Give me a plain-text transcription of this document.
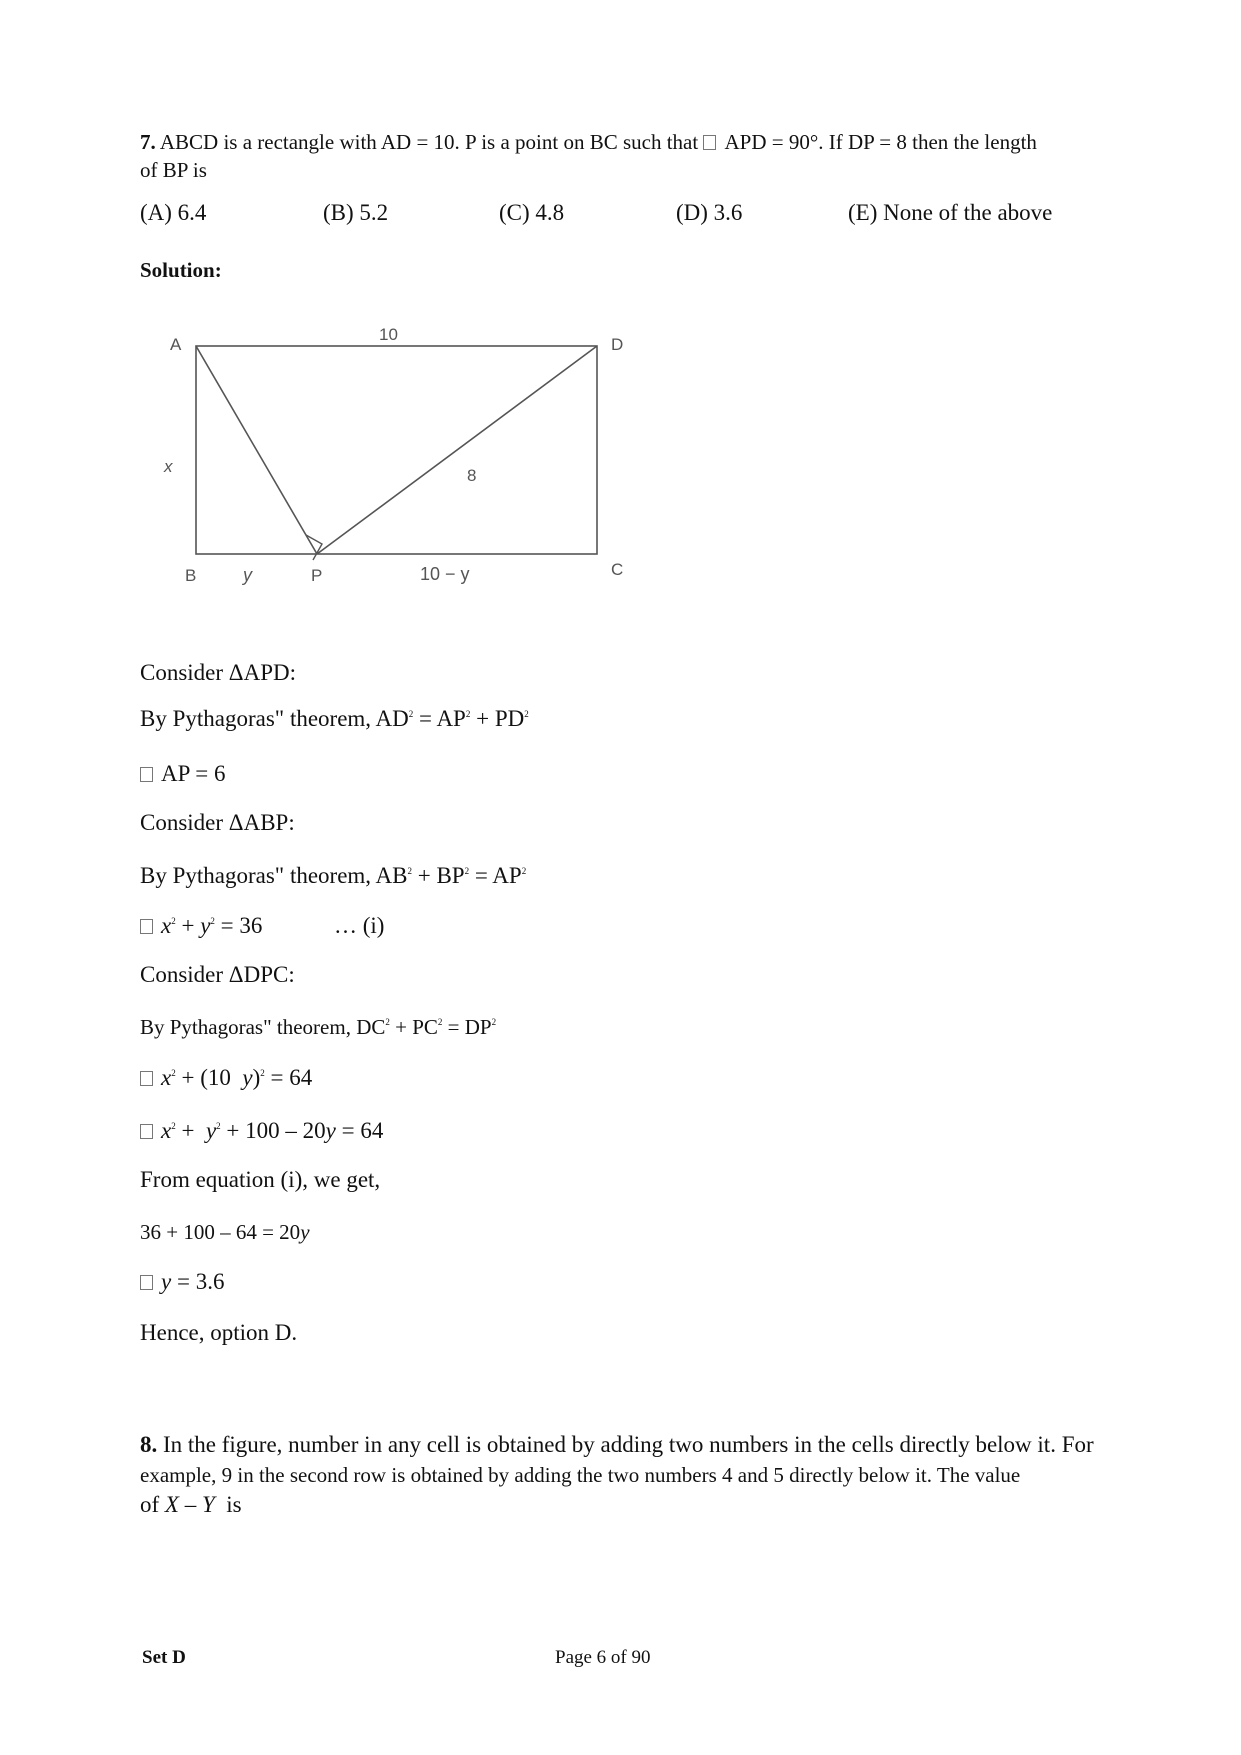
7. ABCD is a rectangle with AD = 10. P is a point on BC such that APD = 90°. If DP = 8 then the length
of BP is
(A) 6.4	(B) 5.2	(C) 4.8	(D) 3.6	(E) None of the above
Solution:
A	D
B	P	C
10
x	8
y	10 − y
Consider ΔAPD:
By Pythagoras" theorem, $AD^2 = AP^2 + PD^2$
AP = 6
Consider ΔABP:
By Pythagoras" theorem, $AB^2 + BP^2 = AP^2$
$x^2 + y^2 = 36$	… (i)
Consider ΔDPC:
By Pythagoras" theorem, $DC^2 + PC^2 = DP^2$
$x^2 + (10$  y)$^2$ = 64
$x^2 + y^2 + 100 - 20y = 64$
From equation (i), we get,
36 + 100 – 64 = 20y
y = 3.6
Hence, option D.
8. In the figure, number in any cell is obtained by adding two numbers in the cells directly below it. For
example, 9 in the second row is obtained by adding the two numbers 4 and 5 directly below it. The value
of X – Y  is
Set D	Page 6 of 90
